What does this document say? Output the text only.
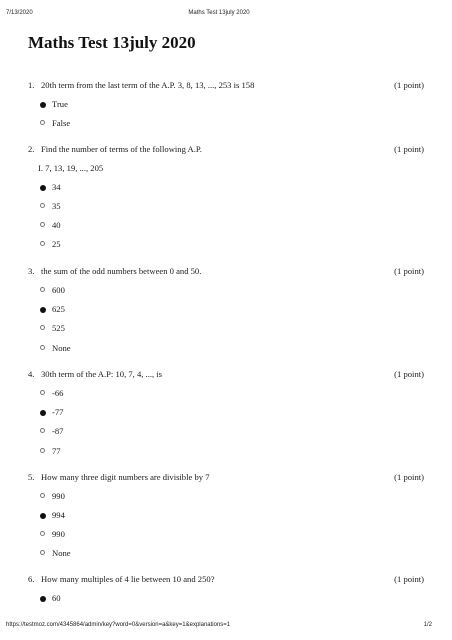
7/13/2020	Maths Test 13july 2020
Maths Test 13july 2020
1. 20th term from the last term of the A.P. 3, 8, 13, ..., 253 is 158	(1 point)
True
False
2. Find the number of terms of the following A.P.	(1 point)
I. 7, 13, 19, ..., 205
34
35
40
25
3. the sum of the odd numbers between 0 and 50.	(1 point)
600
625
525
None
4. 30th term of the A.P: 10, 7, 4, ..., is	(1 point)
-66
-77
-87
77
5. How many three digit numbers are divisible by 7	(1 point)
990
994
990
None
6. How many multiples of 4 lie between 10 and 250?	(1 point)
60
https://testmoz.com/4345864/admin/key?word=0&version=a&key=1&explanations=1	1/2
